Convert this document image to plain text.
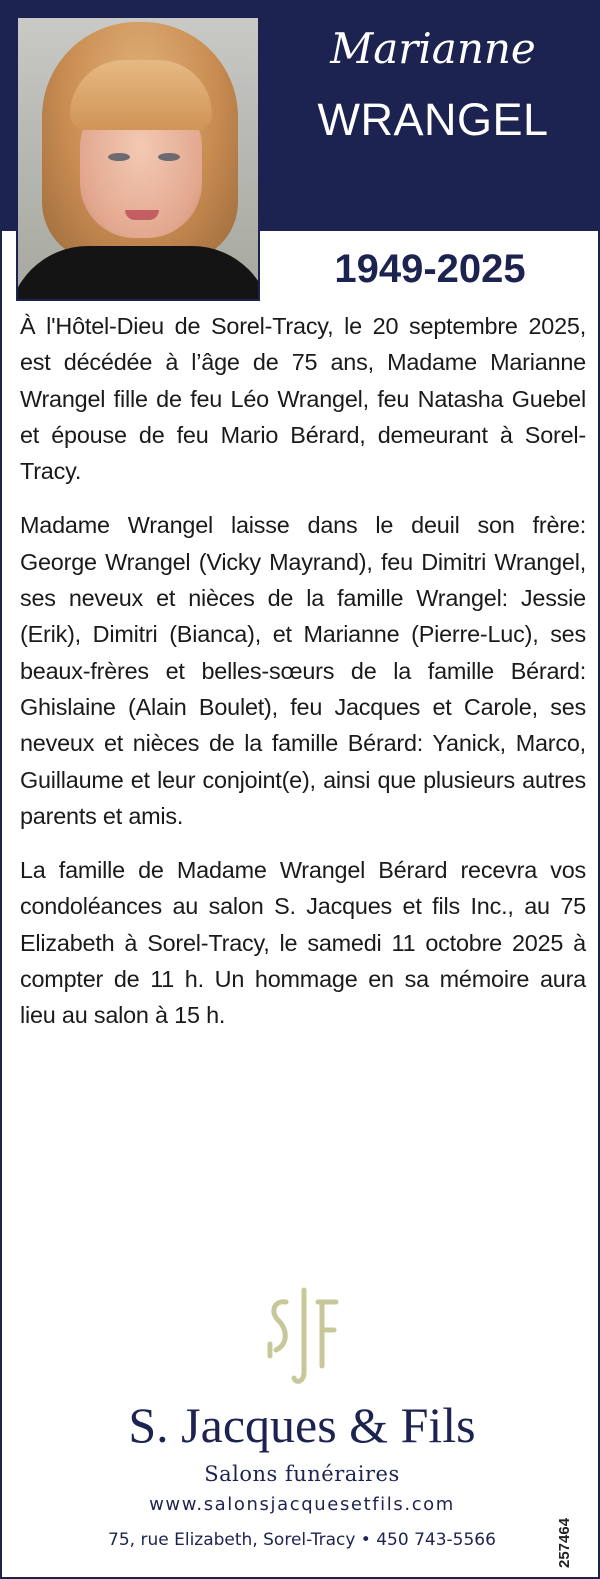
Marianne
WRANGEL
1949-2025

À l'Hôtel-Dieu de Sorel-Tracy, le 20 septembre 2025, est décédée à l’âge de 75 ans, Madame Marianne Wrangel fille de feu Léo Wrangel, feu Natasha Guebel et épouse de feu Mario Bérard, demeurant à Sorel-Tracy.

Madame Wrangel laisse dans le deuil son frère: George Wrangel (Vicky Mayrand), feu Dimitri Wrangel, ses neveux et nièces de la famille Wrangel: Jessie (Erik), Dimitri (Bianca), et Marianne (Pierre-Luc), ses beaux-frères et belles-sœurs de la famille Bérard: Ghislaine (Alain Boulet), feu Jacques et Carole, ses neveux et nièces de la famille Bérard: Yanick, Marco, Guillaume et leur conjoint(e), ainsi que plusieurs autres parents et amis.

La famille de Madame Wrangel Bérard recevra vos condoléances au salon S. Jacques et fils Inc., au 75 Elizabeth à Sorel-Tracy, le samedi 11 octobre 2025 à compter de 11 h. Un hommage en sa mémoire aura lieu au salon à 15 h.

S. Jacques & Fils
Salons funéraires
www.salonsjacquesetfils.com
75, rue Elizabeth, Sorel-Tracy • 450 743-5566	257464
